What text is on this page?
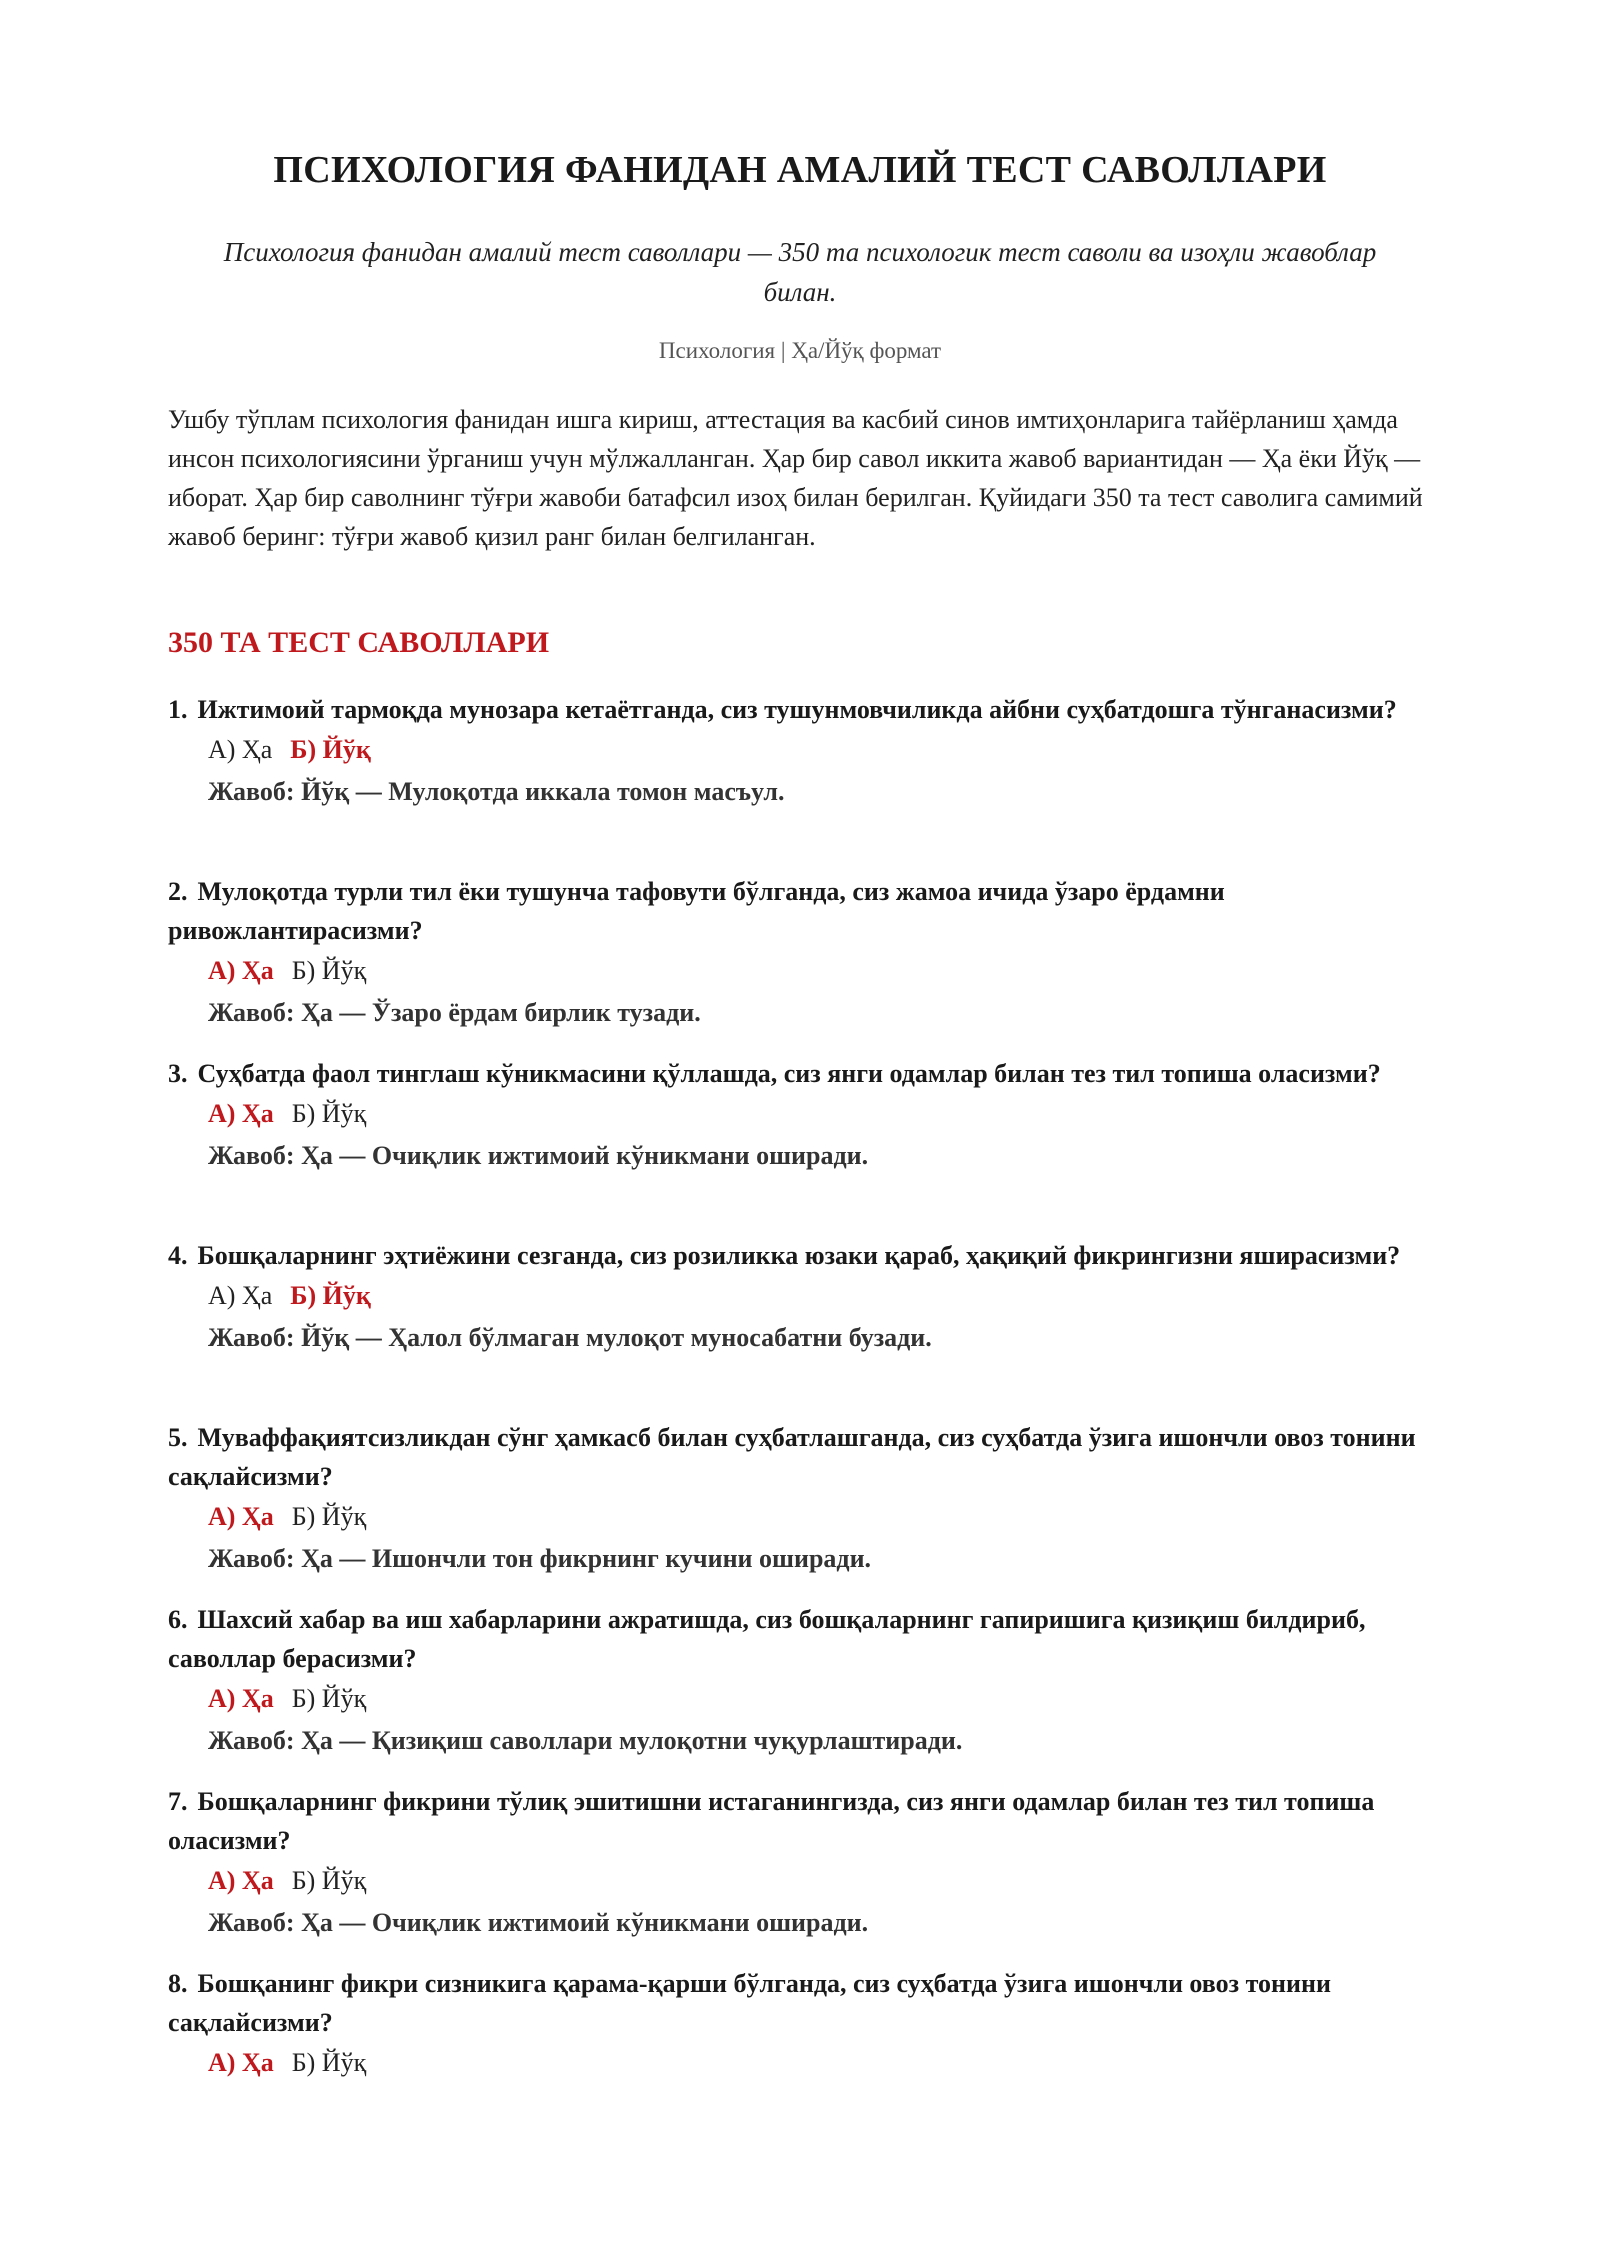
ПСИХОЛОГИЯ ФАНИДАН АМАЛИЙ ТЕСТ САВОЛЛАРИ

Психология фанидан амалий тест саволлари — 350 та психологик тест саволи ва изоҳли жавоблар билан.

Психология | Ҳа/Йўқ формат

Ушбу тўплам психология фанидан ишга кириш, аттестация ва касбий синов имтиҳонларига тайёрланиш ҳамда инсон психологиясини ўрганиш учун мўлжалланган. Ҳар бир савол иккита жавоб вариантидан — Ҳа ёки Йўқ — иборат. Ҳар бир саволнинг тўғри жавоби батафсил изоҳ билан берилган. Қуйидаги 350 та тест саволига самимий жавоб беринг: тўғри жавоб қизил ранг билан белгиланган.

350 ТА ТЕСТ САВОЛЛАРИ

1. Ижтимоий тармоқда мунозара кетаётганда, сиз тушунмовчиликда айбни суҳбатдошга тўнганасизми?

А) Ҳа Б) Йўқ

Жавоб: Йўқ — Мулоқотда иккала томон масъул.

2. Мулоқотда турли тил ёки тушунча тафовути бўлганда, сиз жамоа ичида ўзаро ёрдамни ривожлантирасизми?

А) Ҳа Б) Йўқ

Жавоб: Ҳа — Ўзаро ёрдам бирлик тузади.

3. Суҳбатда фаол тинглаш кўникмасини қўллашда, сиз янги одамлар билан тез тил топиша оласизми?

А) Ҳа Б) Йўқ

Жавоб: Ҳа — Очиқлик ижтимоий кўникмани оширади.

4. Бошқаларнинг эҳтиёжини сезганда, сиз розиликка юзаки қараб, ҳақиқий фикрингизни яширасизми?

А) Ҳа Б) Йўқ

Жавоб: Йўқ — Ҳалол бўлмаган мулоқот муносабатни бузади.

5. Муваффақиятсизликдан сўнг ҳамкасб билан суҳбатлашганда, сиз суҳбатда ўзига ишончли овоз тонини сақлайсизми?

А) Ҳа Б) Йўқ

Жавоб: Ҳа — Ишончли тон фикрнинг кучини оширади.

6. Шахсий хабар ва иш хабарларини ажратишда, сиз бошқаларнинг гапиришига қизиқиш билдириб, саволлар берасизми?

А) Ҳа Б) Йўқ

Жавоб: Ҳа — Қизиқиш саволлари мулоқотни чуқурлаштиради.

7. Бошқаларнинг фикрини тўлиқ эшитишни истаганингизда, сиз янги одамлар билан тез тил топиша оласизми?

А) Ҳа Б) Йўқ

Жавоб: Ҳа — Очиқлик ижтимоий кўникмани оширади.

8. Бошқанинг фикри сизникига қарама-қарши бўлганда, сиз суҳбатда ўзига ишончли овоз тонини сақлайсизми?

А) Ҳа Б) Йўқ
